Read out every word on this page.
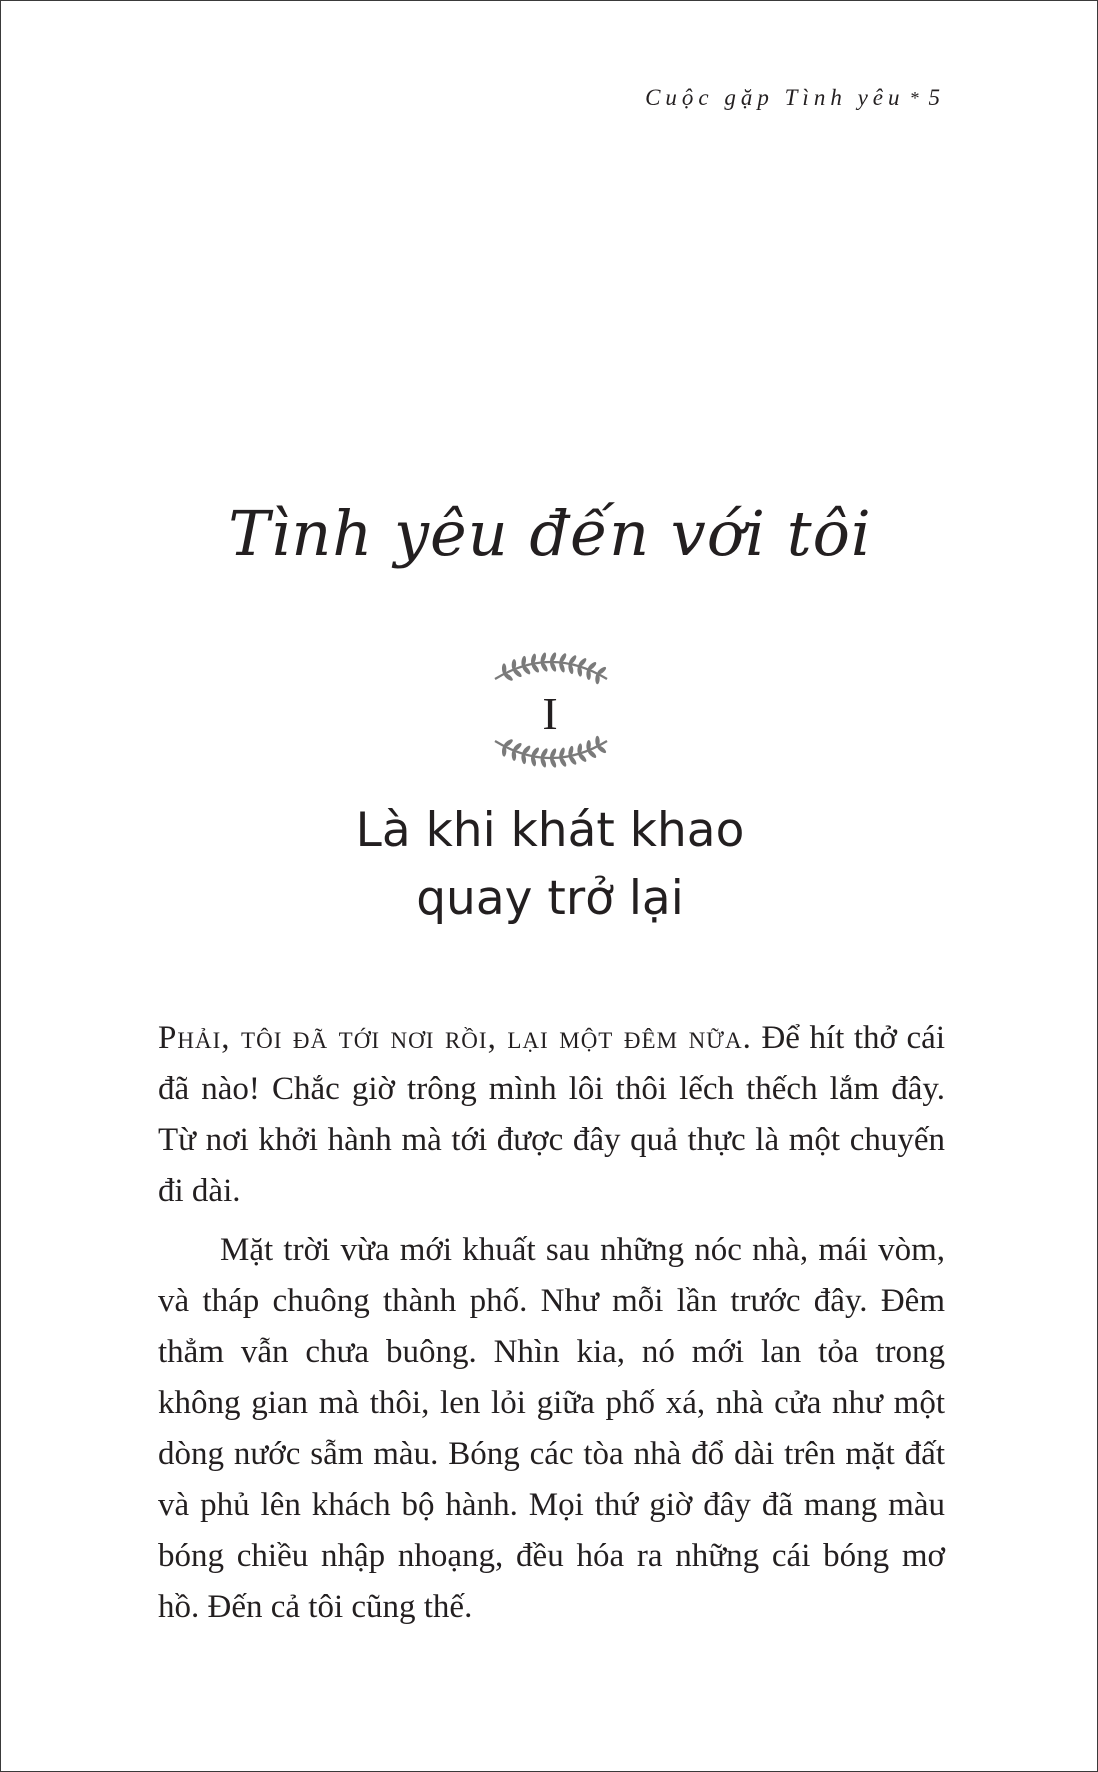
Cuộc gặp Tình yêu * 5
Tình yêu đến với tôi
I
Là khi khát khao
quay trở lại

Phải, tôi đã tới nơi rồi, lại một đêm nữa. Để hít thở cái đã nào! Chắc giờ trông mình lôi thôi lếch thếch lắm đây. Từ nơi khởi hành mà tới được đây quả thực là một chuyến đi dài.

Mặt trời vừa mới khuất sau những nóc nhà, mái vòm, và tháp chuông thành phố. Như mỗi lần trước đây. Đêm thẳm vẫn chưa buông. Nhìn kia, nó mới lan tỏa trong không gian mà thôi, len lỏi giữa phố xá, nhà cửa như một dòng nước sẫm màu. Bóng các tòa nhà đổ dài trên mặt đất và phủ lên khách bộ hành. Mọi thứ giờ đây đã mang màu bóng chiều nhập nhoạng, đều hóa ra những cái bóng mơ hồ. Đến cả tôi cũng thế.
